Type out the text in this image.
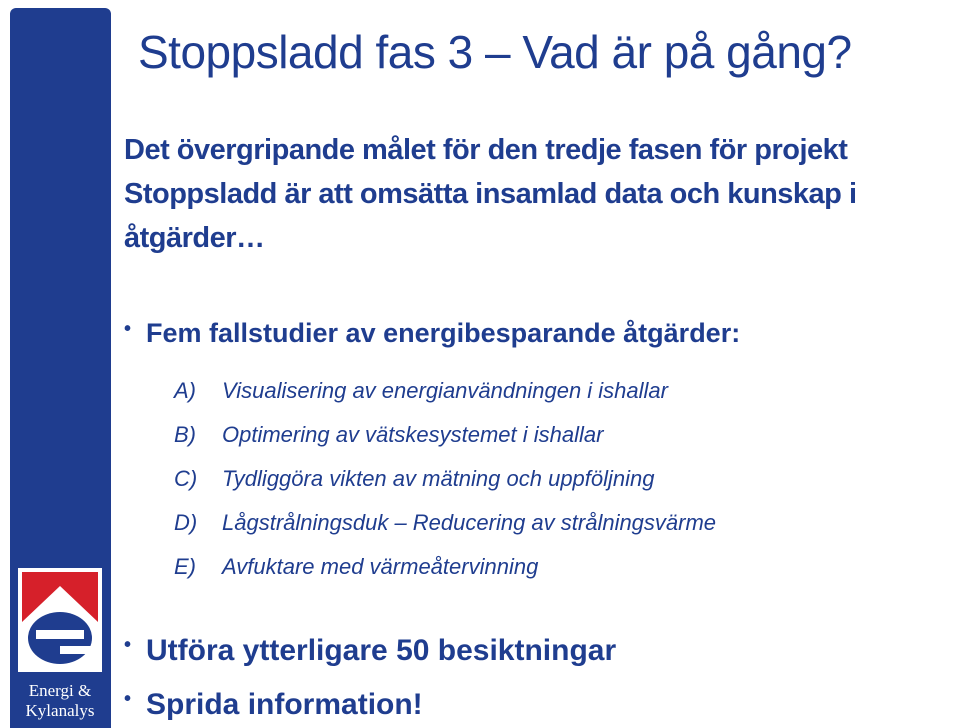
Energi &
Kylanalys
Stoppsladd fas 3 – Vad är på gång?

Det övergripande målet för den tredje fasen för projekt Stoppsladd är att omsätta insamlad data och kunskap i åtgärder…

• Fem fallstudier av energibesparande åtgärder:
A) Visualisering av energianvändningen i ishallar
B) Optimering av vätskesystemet i ishallar
C) Tydliggöra vikten av mätning och uppföljning
D) Lågstrålningsduk – Reducering av strålningsvärme
E) Avfuktare med värmeåtervinning
• Utföra ytterligare 50 besiktningar
• Sprida information!
